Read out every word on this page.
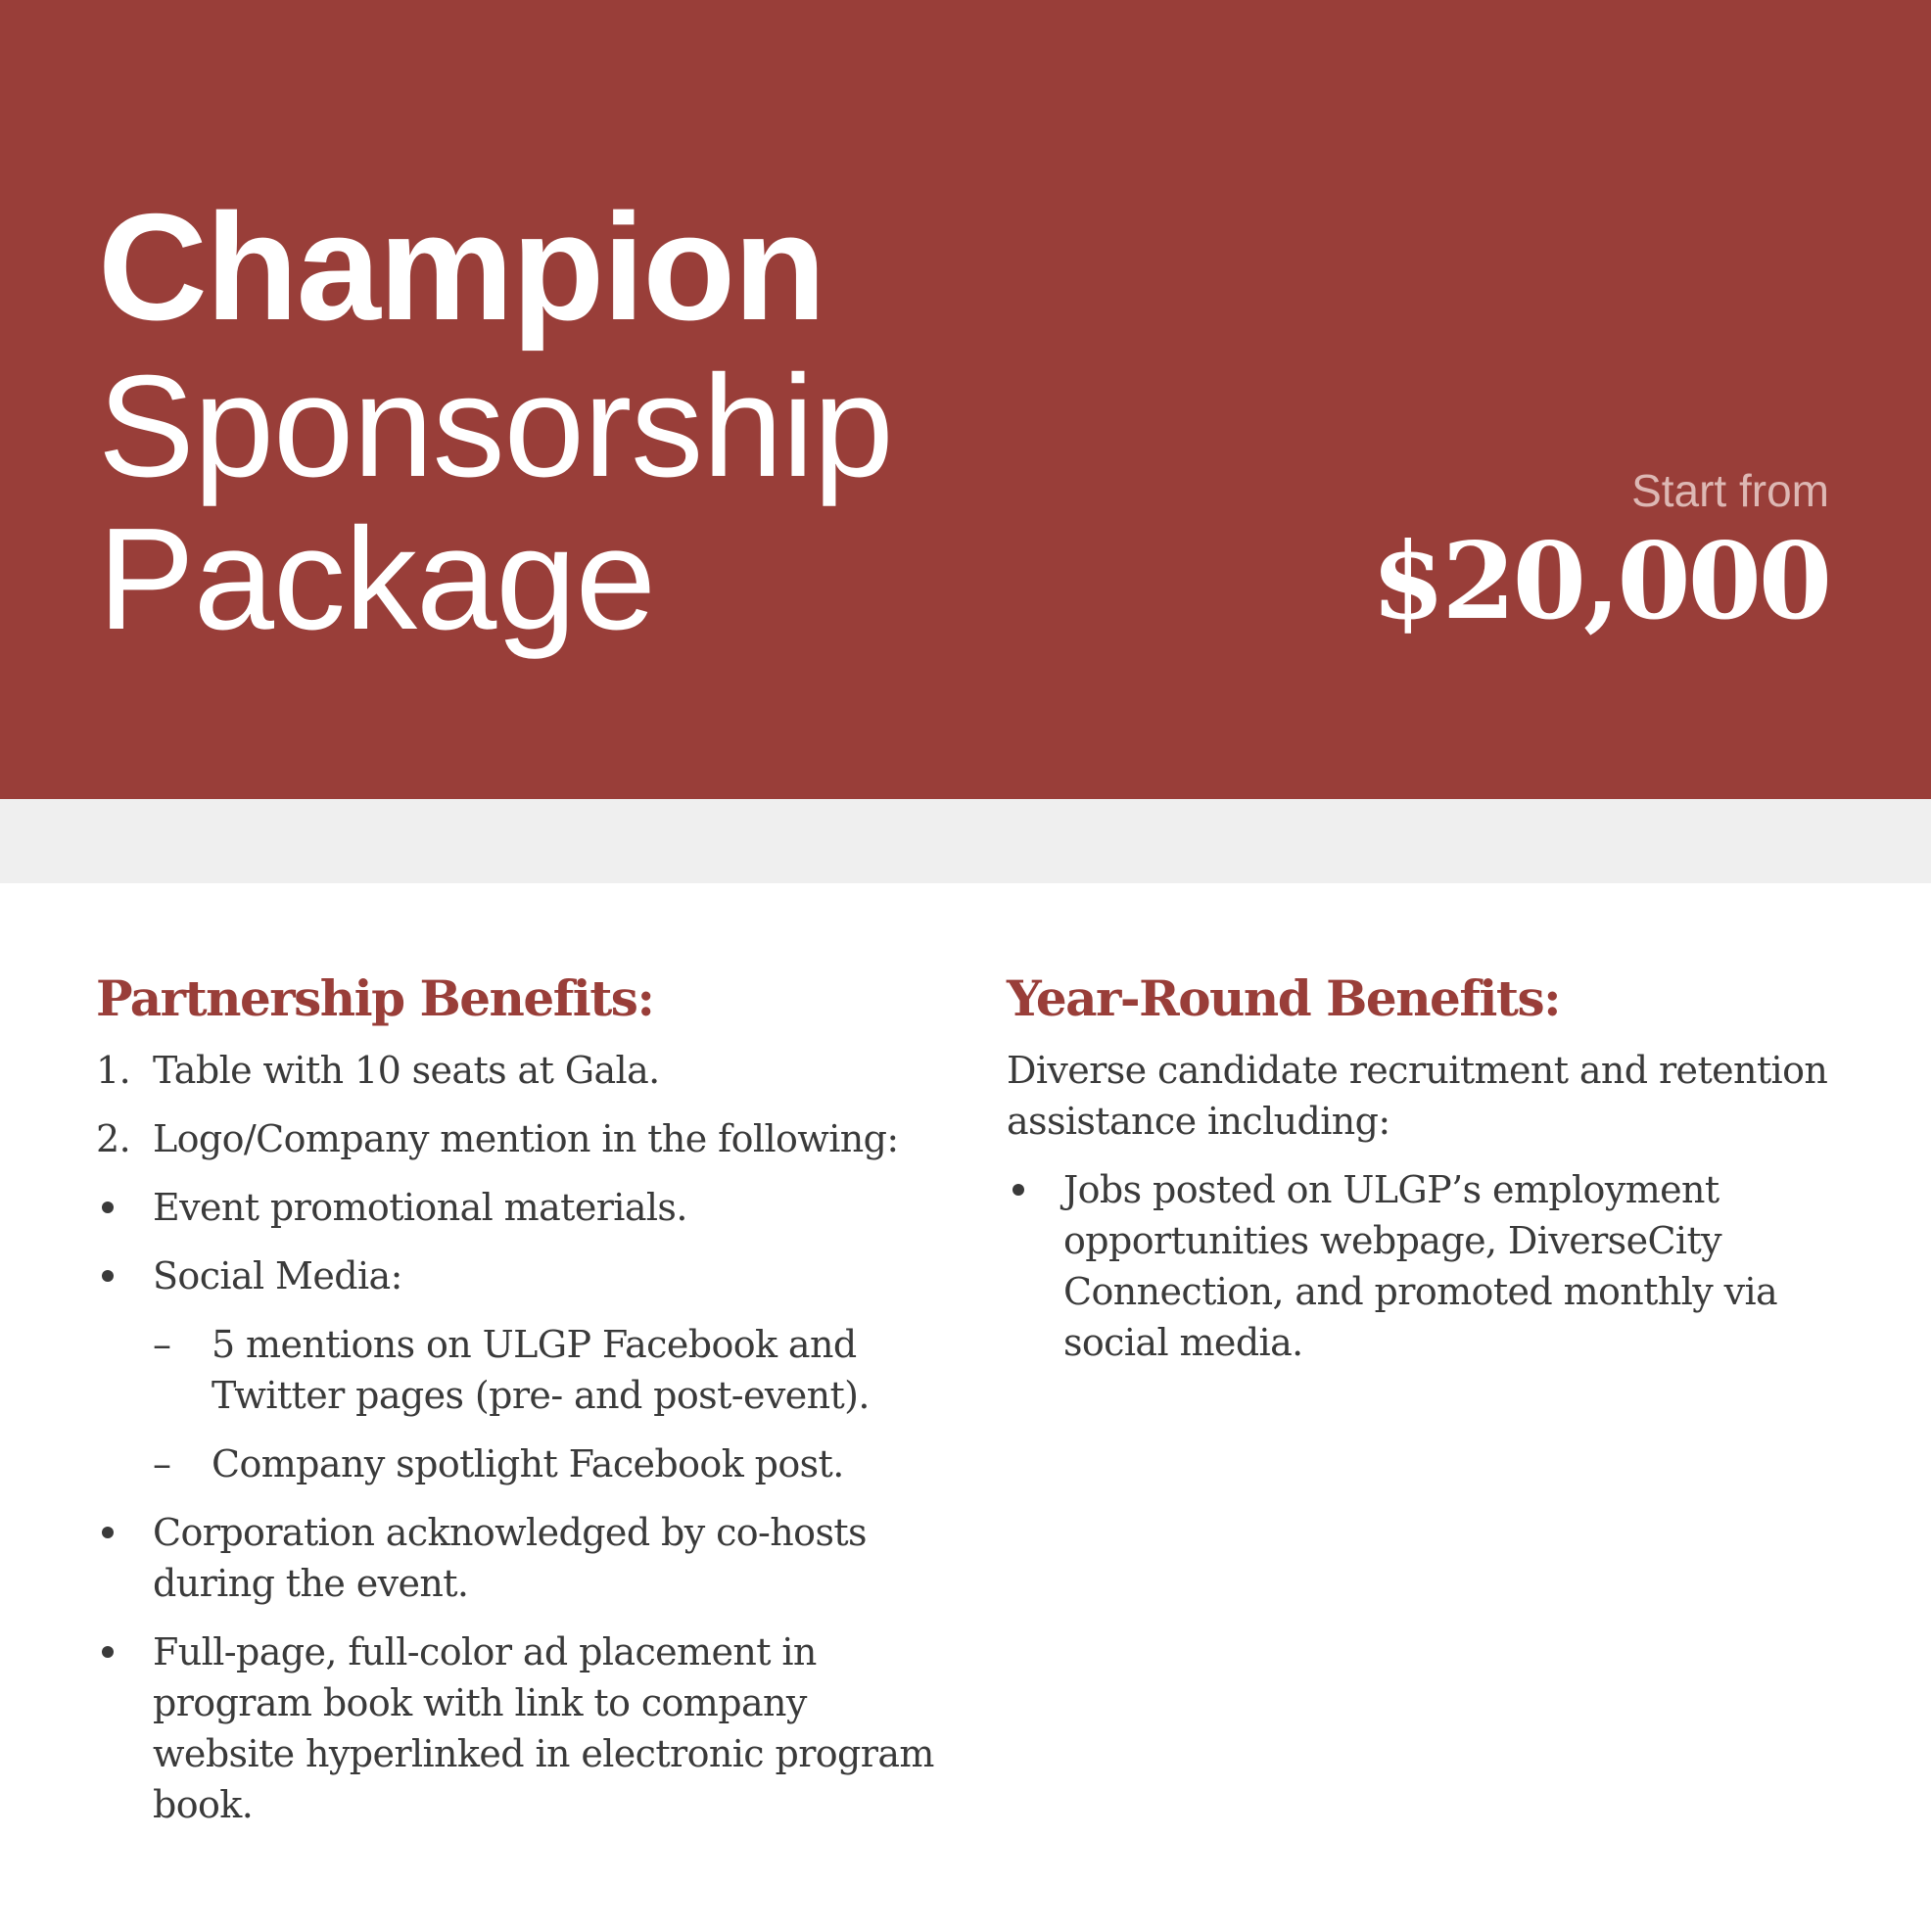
Champion
Sponsorship
Package
Start from
$20,000
Partnership Benefits:
1. Table with 10 seats at Gala.
2. Logo/Company mention in the following:
Event promotional materials.
Social Media:
–	5 mentions on ULGP Facebook and Twitter pages (pre- and post-event).
–	Company spotlight Facebook post.
Corporation acknowledged by co-hosts during the event.
Full-page, full-color ad placement in program book with link to company website hyperlinked in electronic program book.
Year-Round Benefits:
Diverse candidate recruitment and retention assistance including:
Jobs posted on ULGP’s employment opportunities webpage, DiverseCity Connection, and promoted monthly via social media.
